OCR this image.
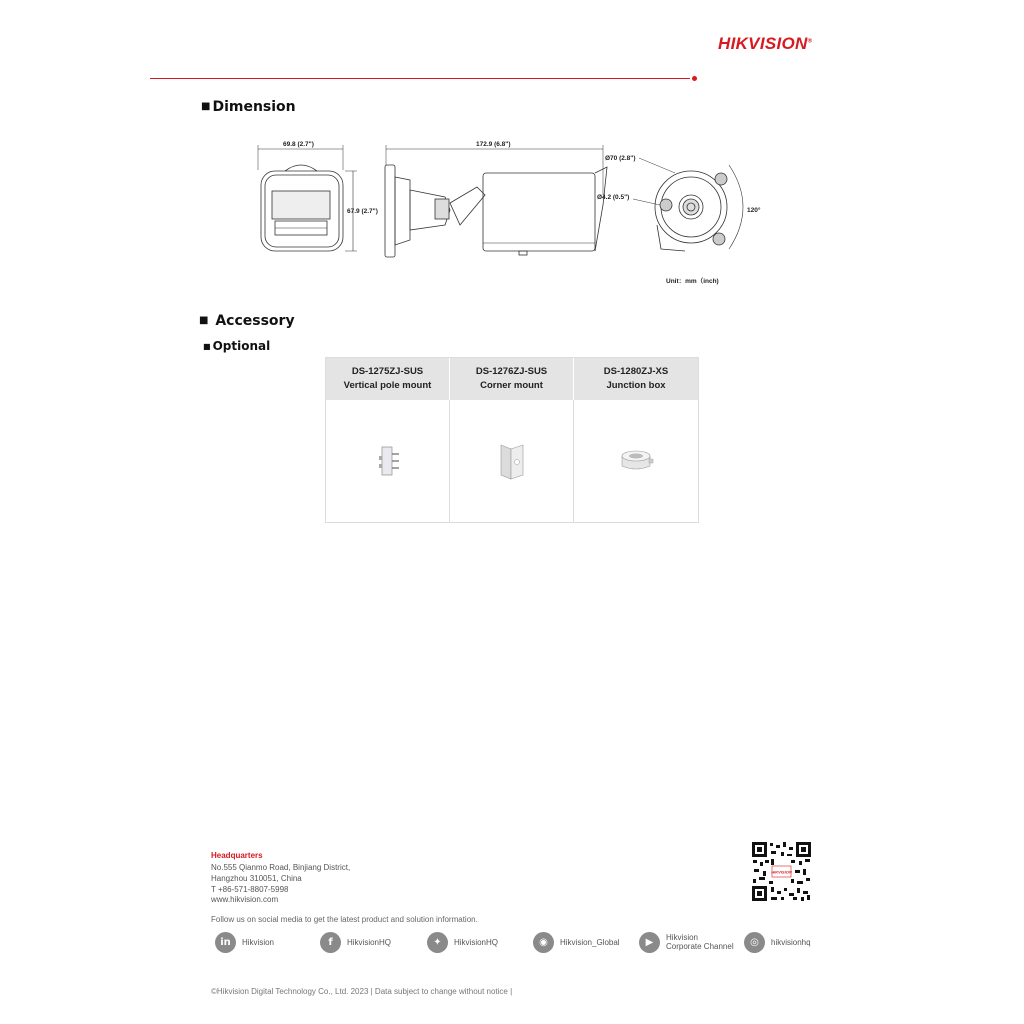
HIKVISION®
■ Dimension
69.8 (2.7")
67.9 (2.7")
172.9 (6.8")
Ø70 (2.8")
Ø4.2 (0.5")
120°
Unit：mm（inch)
■ Accessory
■ Optional
DS-1275ZJ-SUS
Vertical pole mount
DS-1276ZJ-SUS
Corner mount
DS-1280ZJ-XS
Junction box
Headquarters
No.555 Qianmo Road, Binjiang District,
Hangzhou 310051, China
T +86-571-8807-5998
www.hikvision.com
HIKVISION
Follow us on social media to get the latest product and solution information.
in	Hikvision	f	HikvisionHQ	✦	HikvisionHQ	◉	Hikvision_Global	▶	Hikvision
Corporate Channel	◎	hikvisionhq
©Hikvision Digital Technology Co., Ltd. 2023 | Data subject to change without notice |
